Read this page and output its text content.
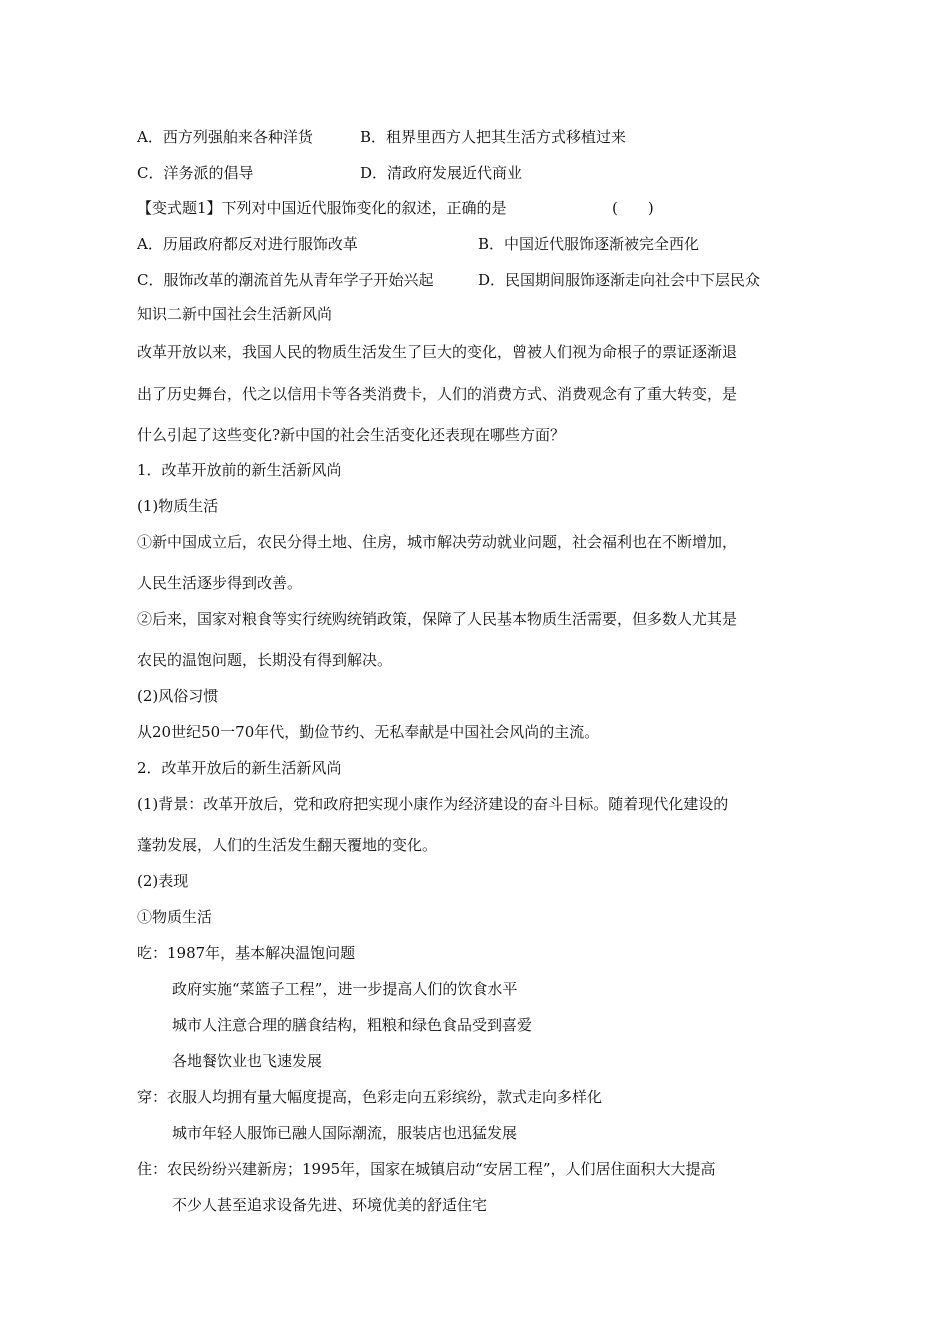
A．西方列强舶来各种洋货	B．租界里西方人把其生活方式移植过来
C．洋务派的倡导	D．清政府发展近代商业
【变式题1】下列对中国近代服饰变化的叙述，正确的是	(　　)
A．历届政府都反对进行服饰改革	B．中国近代服饰逐渐被完全西化
C．服饰改革的潮流首先从青年学子开始兴起	D．民国期间服饰逐渐走向社会中下层民众
知识二新中国社会生活新风尚
改革开放以来，我国人民的物质生活发生了巨大的变化，曾被人们视为命根子的票证逐渐退
出了历史舞台，代之以信用卡等各类消费卡，人们的消费方式、消费观念有了重大转变，是
什么引起了这些变化?新中国的社会生活变化还表现在哪些方面？
1．改革开放前的新生活新风尚
(1)物质生活
①新中国成立后，农民分得土地、住房，城市解决劳动就业问题，社会福利也在不断增加，
人民生活逐步得到改善。
②后来，国家对粮食等实行统购统销政策，保障了人民基本物质生活需要，但多数人尤其是
农民的温饱问题，长期没有得到解决。
(2)风俗习惯
从20世纪50一70年代，勤俭节约、无私奉献是中国社会风尚的主流。
2．改革开放后的新生活新风尚
(1)背景：改革开放后，党和政府把实现小康作为经济建设的奋斗目标。随着现代化建设的
蓬勃发展，人们的生活发生翻天覆地的变化。
(2)表现
①物质生活
吃：1987年，基本解决温饱问题
政府实施“菜篮子工程”，进一步提高人们的饮食水平
城市人注意合理的膳食结构，粗粮和绿色食品受到喜爱
各地餐饮业也飞速发展
穿：衣服人均拥有量大幅度提高，色彩走向五彩缤纷，款式走向多样化
城市年轻人服饰已融人国际潮流，服装店也迅猛发展
住：农民纷纷兴建新房；1995年，国家在城镇启动“安居工程”，人们居住面积大大提高
不少人甚至追求设备先进、环境优美的舒适住宅
